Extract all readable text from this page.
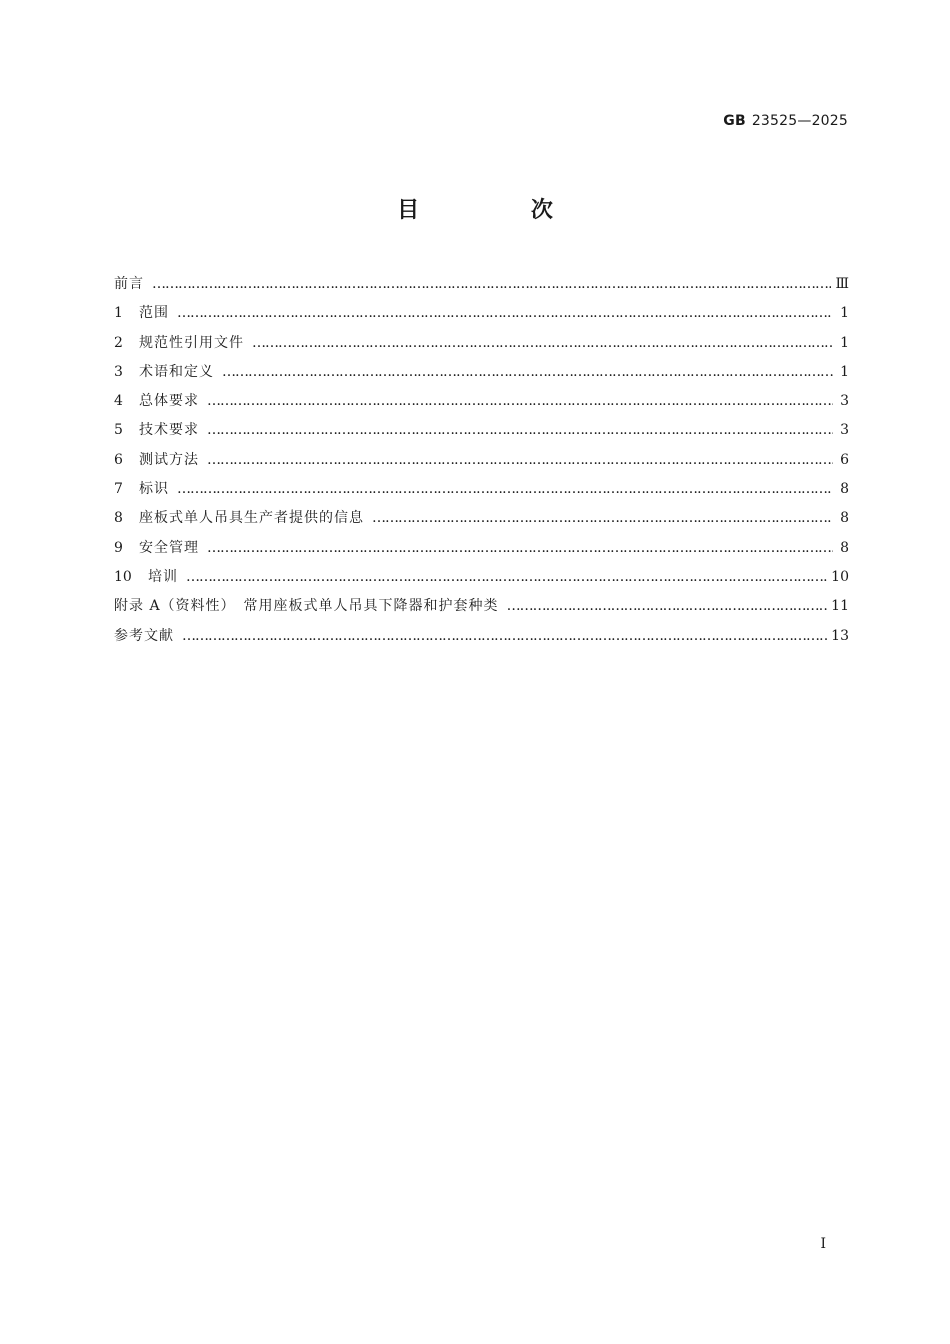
GB 23525—2025
目 次
前言 …………………………………………………………………………………………………………………………………………………………………………………………………………………………………	Ⅲ
1	范围 …………………………………………………………………………………………………………………………………………………………………………………………………………………………………	1
2	规范性引用文件 …………………………………………………………………………………………………………………………………………………………………………………………………………………………………	1
3	术语和定义 …………………………………………………………………………………………………………………………………………………………………………………………………………………………………	1
4	总体要求 …………………………………………………………………………………………………………………………………………………………………………………………………………………………………	3
5	技术要求 …………………………………………………………………………………………………………………………………………………………………………………………………………………………………	3
6	测试方法 …………………………………………………………………………………………………………………………………………………………………………………………………………………………………	6
7	标识 …………………………………………………………………………………………………………………………………………………………………………………………………………………………………	8
8	座板式单人吊具生产者提供的信息 …………………………………………………………………………………………………………………………………………………………………………………………………………………………………	8
9	安全管理 …………………………………………………………………………………………………………………………………………………………………………………………………………………………………	8
10	培训 …………………………………………………………………………………………………………………………………………………………………………………………………………………………………	10
附录 A（资料性）　常用座板式单人吊具下降器和护套种类 …………………………………………………………………………………………………………………………………………………………………………………………………………………………………	11
参考文献 …………………………………………………………………………………………………………………………………………………………………………………………………………………………………	13
Ⅰ
